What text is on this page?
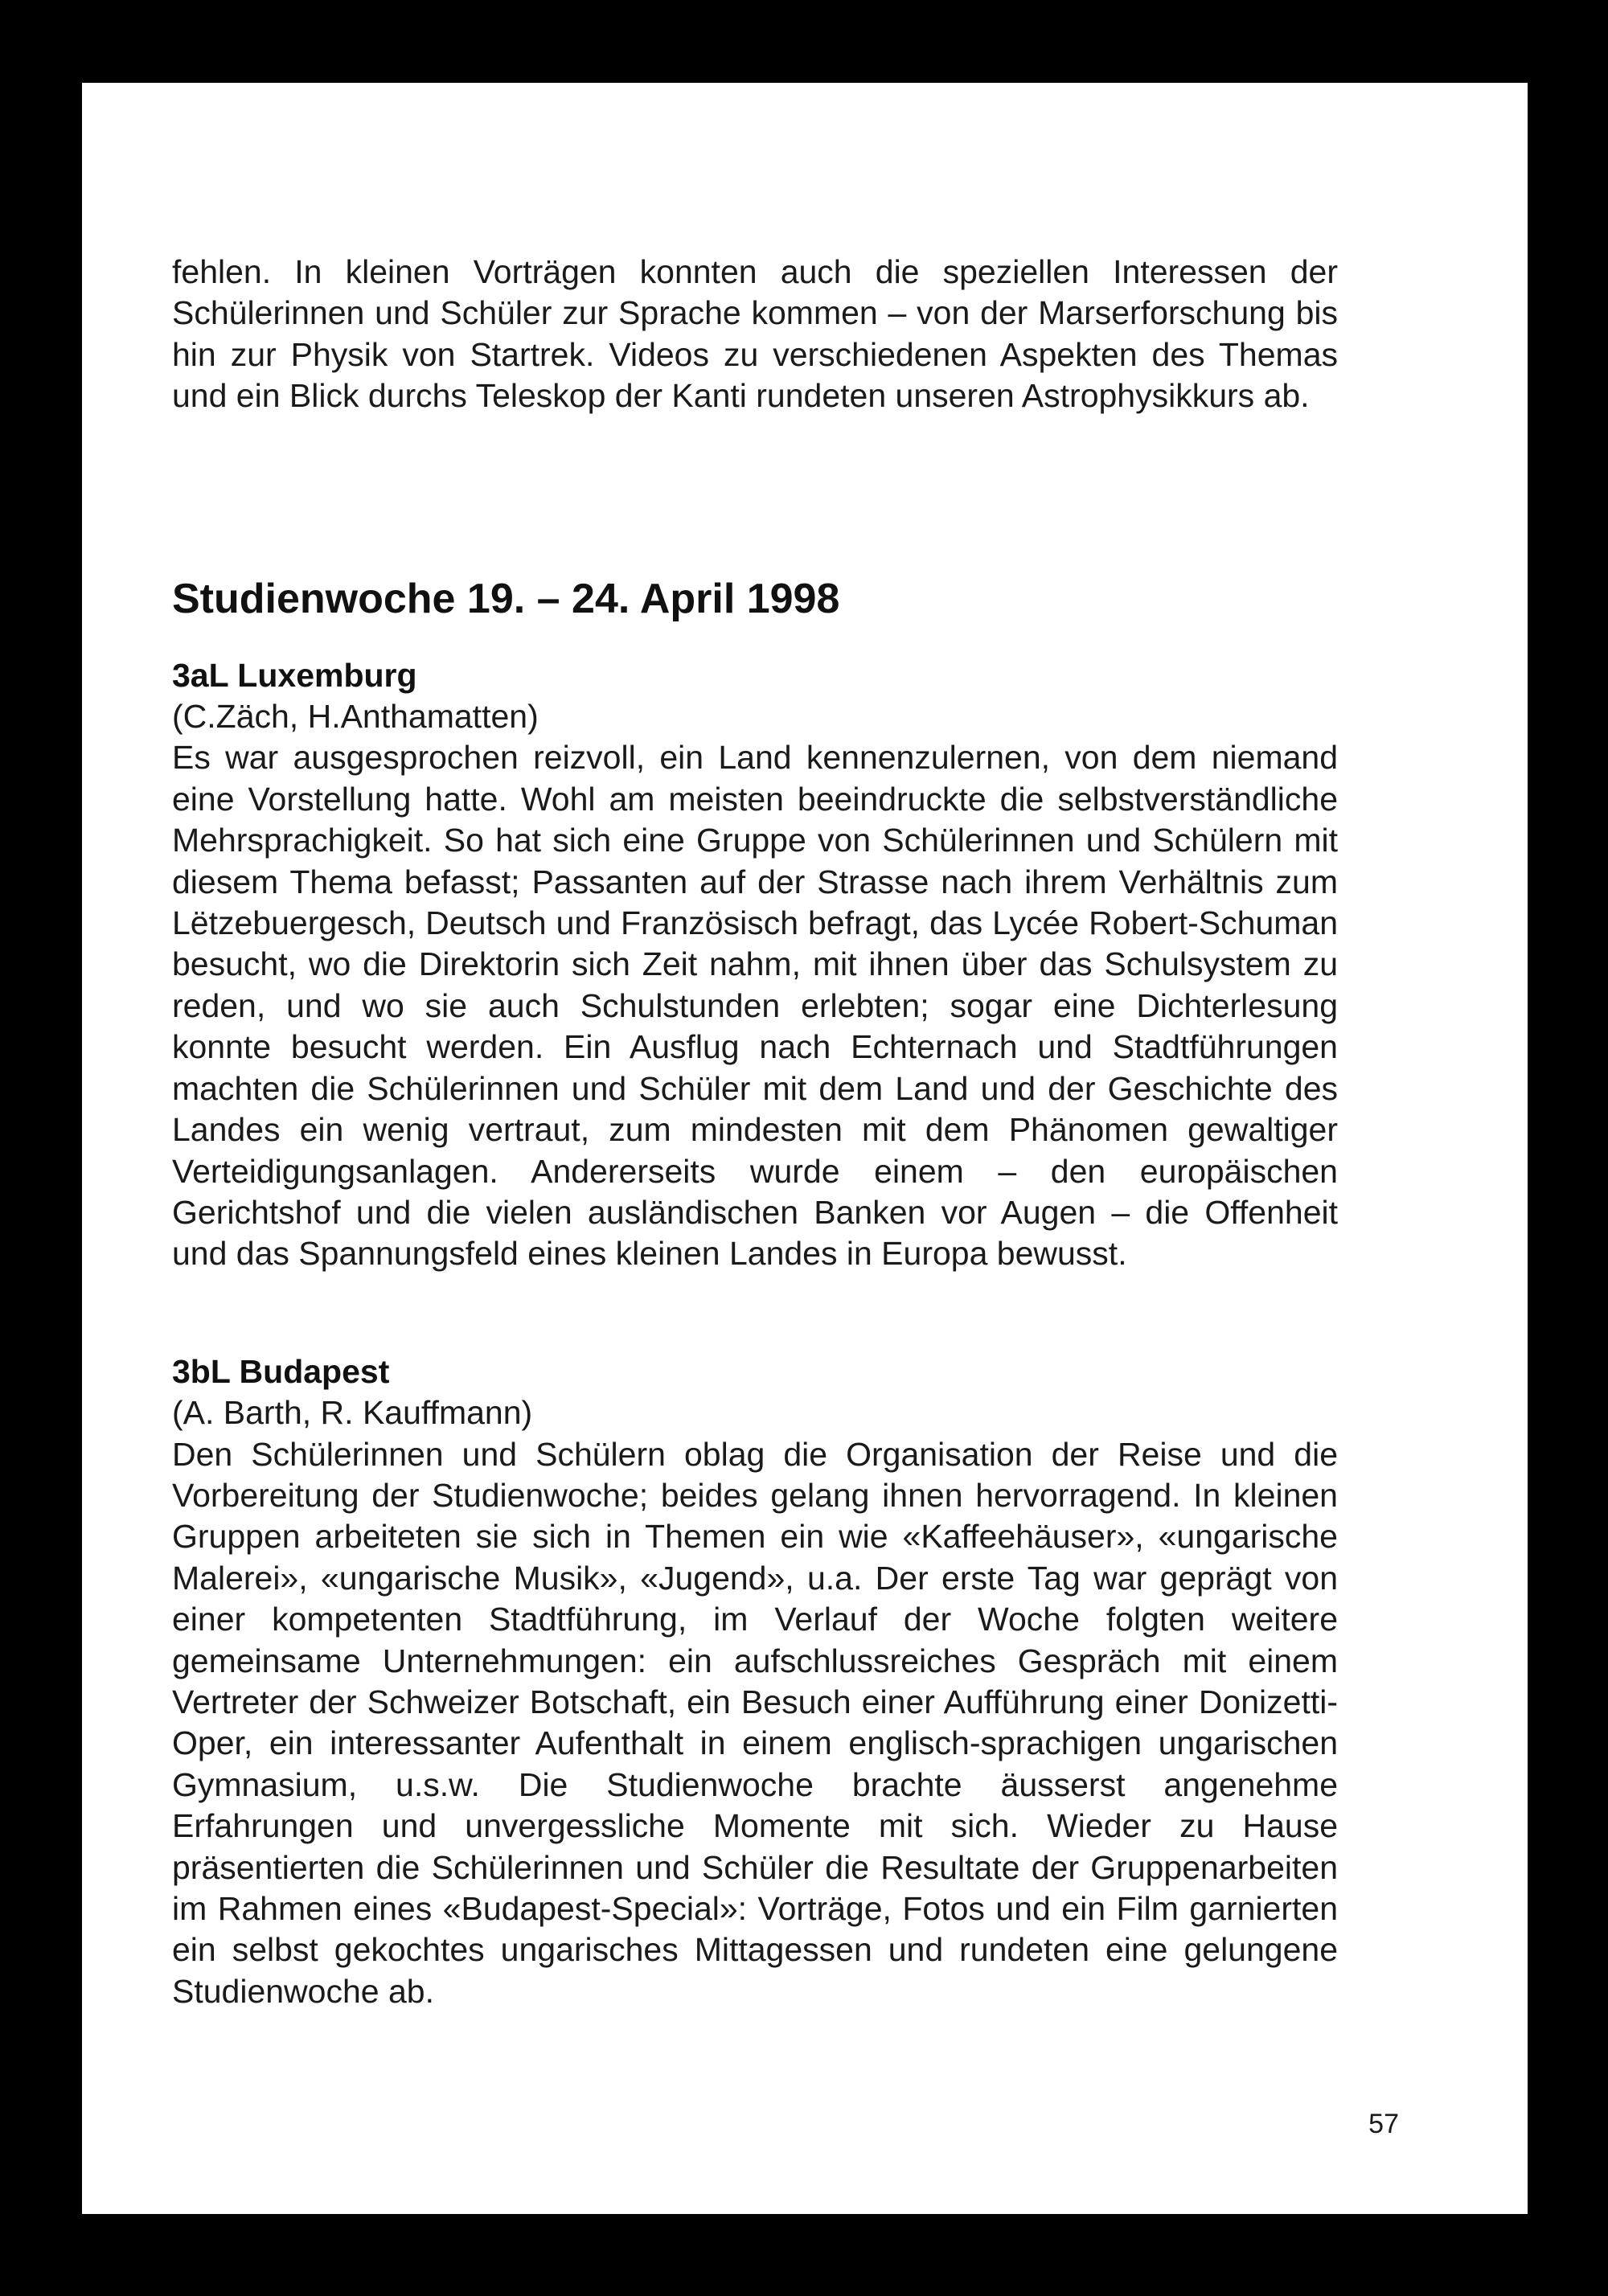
fehlen. In kleinen Vorträgen konnten auch die speziellen Interessen der Schülerinnen und Schüler zur Sprache kommen – von der Marserforschung bis hin zur Physik von Startrek. Videos zu verschiedenen Aspekten des Themas und ein Blick durchs Teleskop der Kanti rundeten unseren Astrophysikkurs ab.

Studienwoche 19. – 24. April 1998
3aL Luxemburg

(C.Zäch, H.Anthamatten)

Es war ausgesprochen reizvoll, ein Land kennenzulernen, von dem niemand eine Vorstellung hatte. Wohl am meisten beeindruckte die selbstverständliche Mehrsprachigkeit. So hat sich eine Gruppe von Schülerinnen und Schülern mit diesem Thema befasst; Passanten auf der Strasse nach ihrem Verhältnis zum Lëtzebuergesch, Deutsch und Französisch befragt, das Lycée Robert-Schuman besucht, wo die Direktorin sich Zeit nahm, mit ihnen über das Schulsystem zu reden, und wo sie auch Schulstunden erlebten; sogar eine Dichterlesung konnte besucht werden. Ein Ausflug nach Echternach und Stadtführungen machten die Schülerinnen und Schüler mit dem Land und der Geschichte des Landes ein wenig vertraut, zum mindesten mit dem Phänomen gewaltiger Verteidigungsanlagen. Andererseits wurde einem – den europäischen Gerichtshof und die vielen ausländischen Banken vor Augen – die Offenheit und das Spannungsfeld eines kleinen Landes in Europa bewusst.

3bL Budapest

(A. Barth, R. Kauffmann)

Den Schülerinnen und Schülern oblag die Organisation der Reise und die Vorbereitung der Studienwoche; beides gelang ihnen hervorragend. In kleinen Gruppen arbeiteten sie sich in Themen ein wie «Kaffeehäuser», «ungarische Malerei», «ungarische Musik», «Jugend», u.a. Der erste Tag war geprägt von einer kompetenten Stadtführung, im Verlauf der Woche folgten weitere gemeinsame Unternehmungen: ein aufschlussreiches Gespräch mit einem Vertreter der Schweizer Botschaft, ein Besuch einer Aufführung einer Donizetti-Oper, ein interessanter Aufenthalt in einem englisch-sprachigen ungarischen Gymnasium, u.s.w. Die Studienwoche brachte äusserst angenehme Erfahrungen und unvergessliche Momente mit sich. Wieder zu Hause präsentierten die Schülerinnen und Schüler die Resultate der Gruppenarbeiten im Rahmen eines «Budapest-Special»: Vorträge, Fotos und ein Film garnierten ein selbst gekochtes ungarisches Mittagessen und rundeten eine gelungene Studienwoche ab.

57
